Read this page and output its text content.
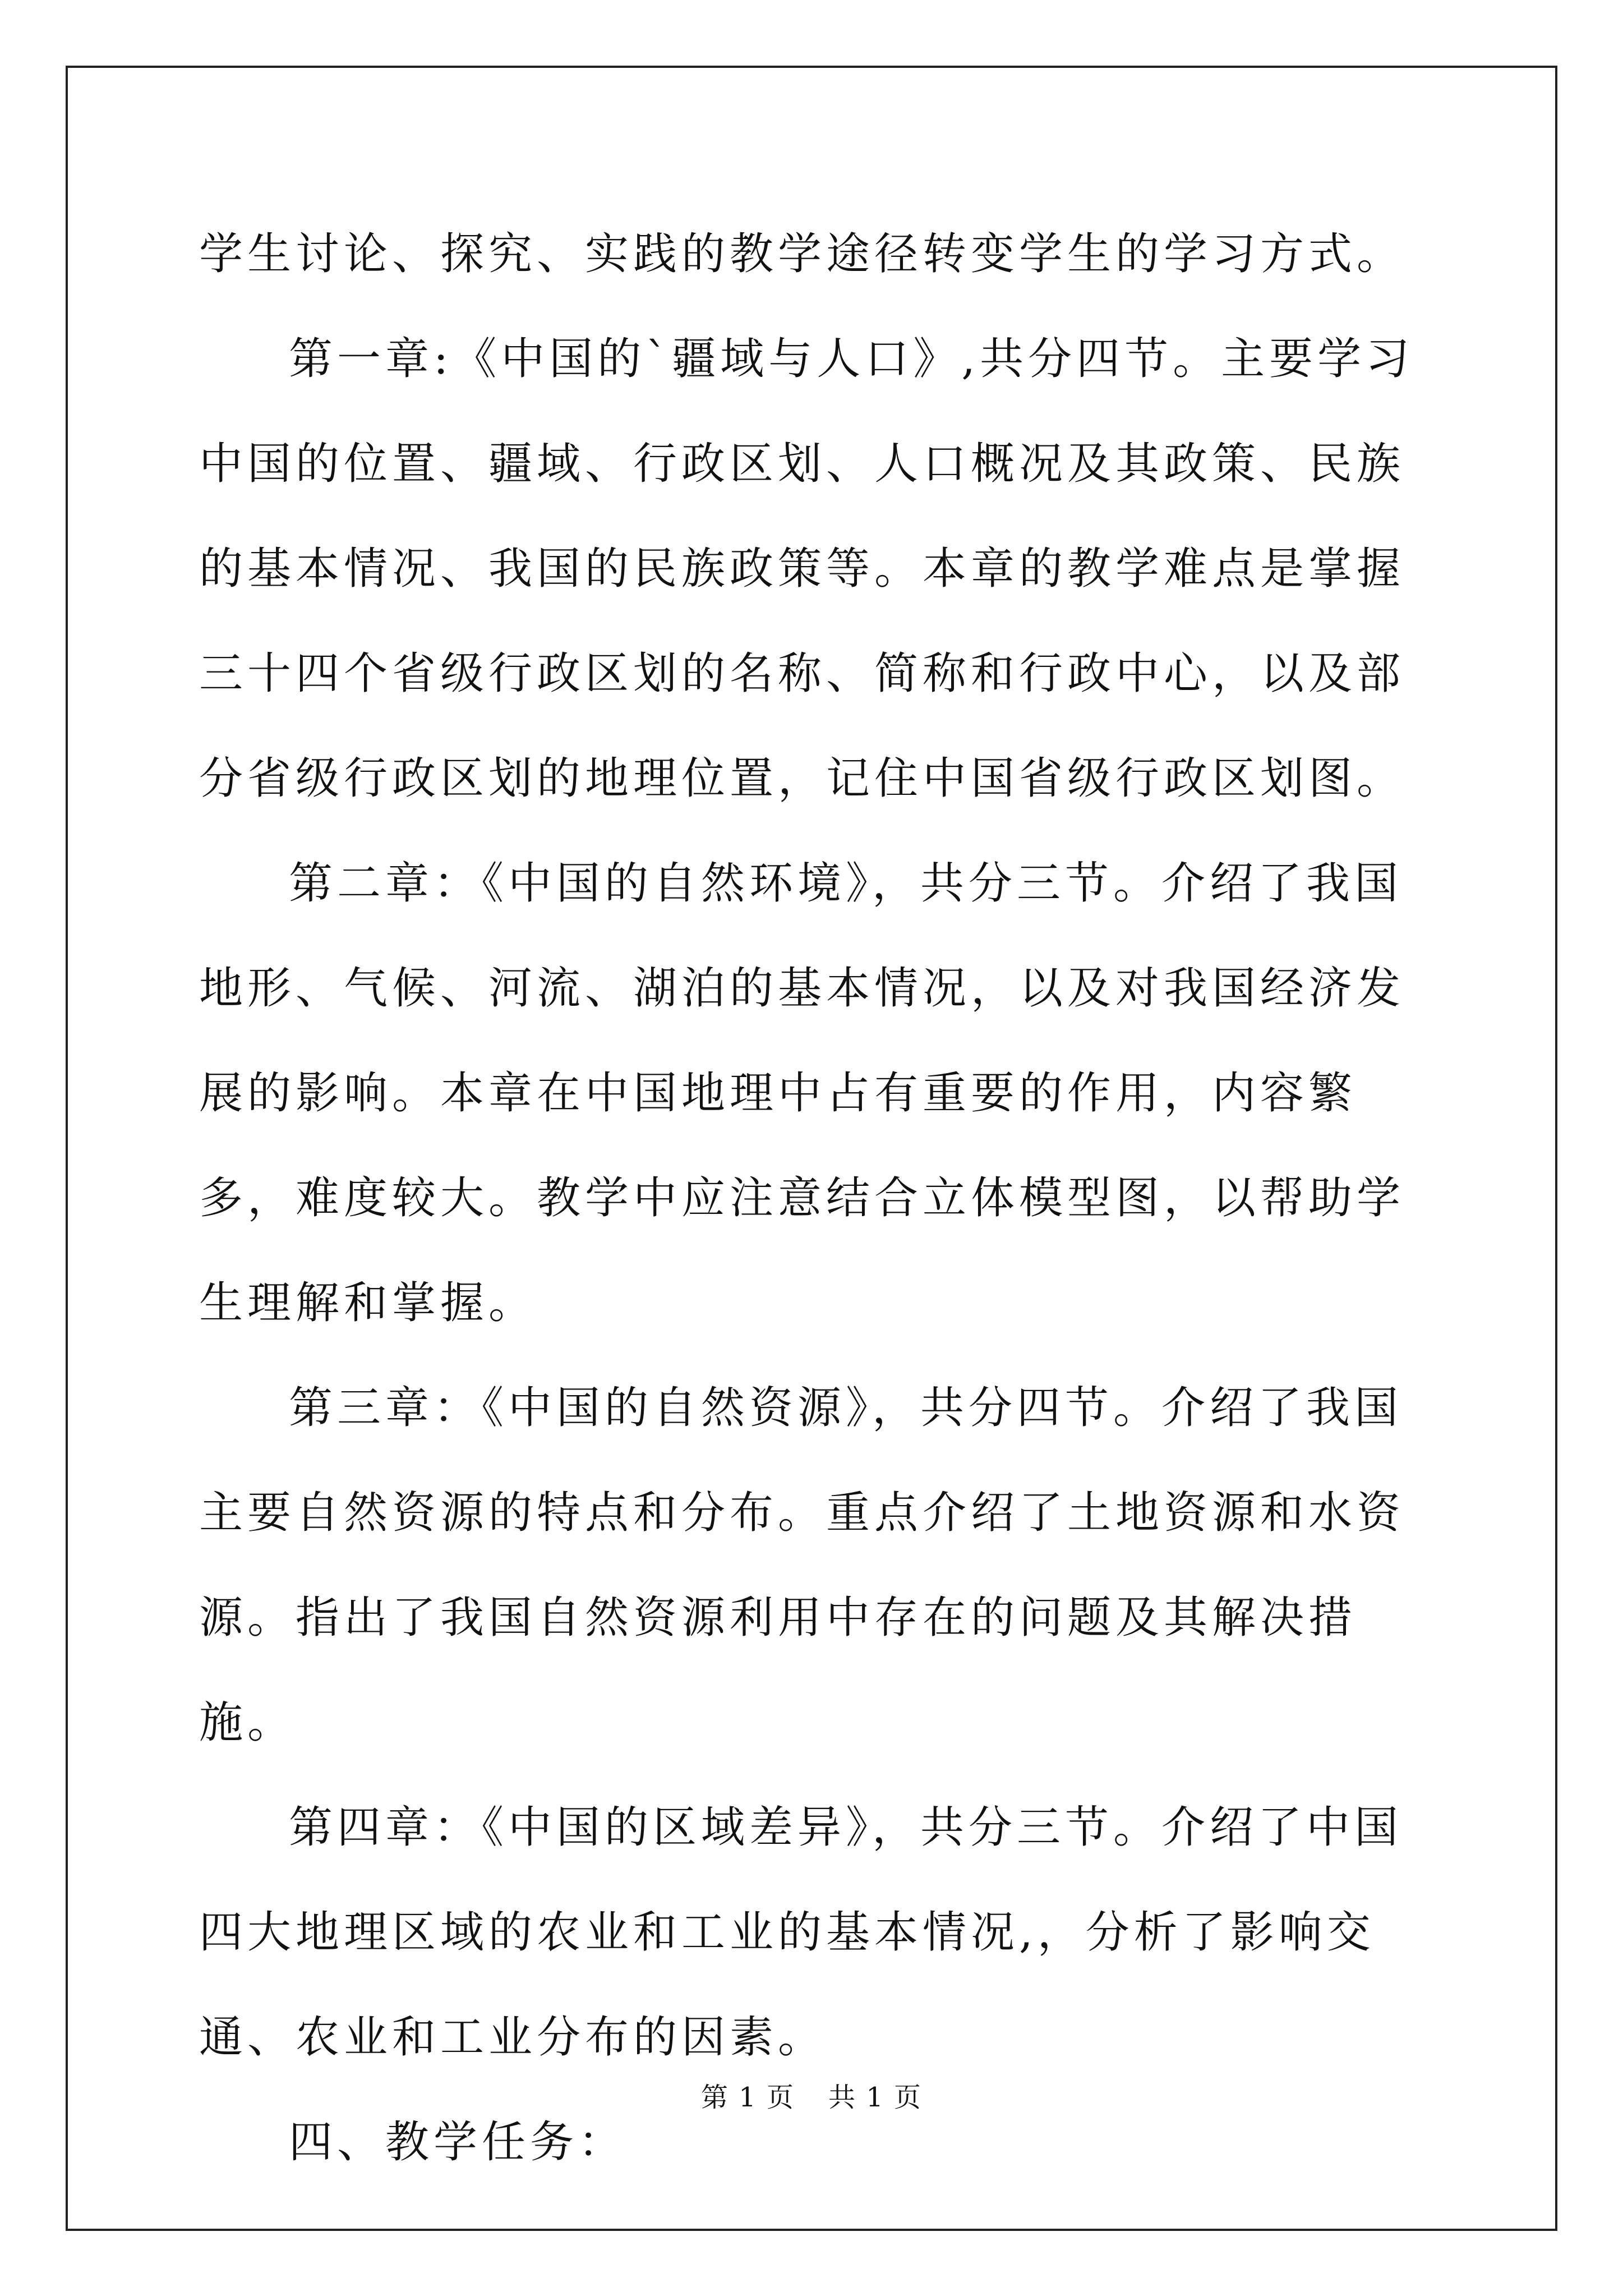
学生讨论、探究、实践的教学途径转变学生的学习方式。

第一章:《中国的`疆域与人口》,共分四节。主要学习中国的位置、疆域、行政区划、人口概况及其政策、民族的基本情况、我国的民族政策等。本章的教学难点是掌握三十四个省级行政区划的名称、简称和行政中心，以及部分省级行政区划的地理位置，记住中国省级行政区划图。

第二章：《中国的自然环境》，共分三节。介绍了我国地形、气候、河流、湖泊的基本情况，以及对我国经济发展的影响。本章在中国地理中占有重要的作用，内容繁多，难度较大。教学中应注意结合立体模型图，以帮助学生理解和掌握。

第三章：《中国的自然资源》，共分四节。介绍了我国主要自然资源的特点和分布。重点介绍了土地资源和水资源。指出了我国自然资源利用中存在的问题及其解决措施。

第四章：《中国的区域差异》，共分三节。介绍了中国四大地理区域的农业和工业的基本情况,，分析了影响交通、农业和工业分布的因素。

四、教学任务：

第 1 页 共 1 页
